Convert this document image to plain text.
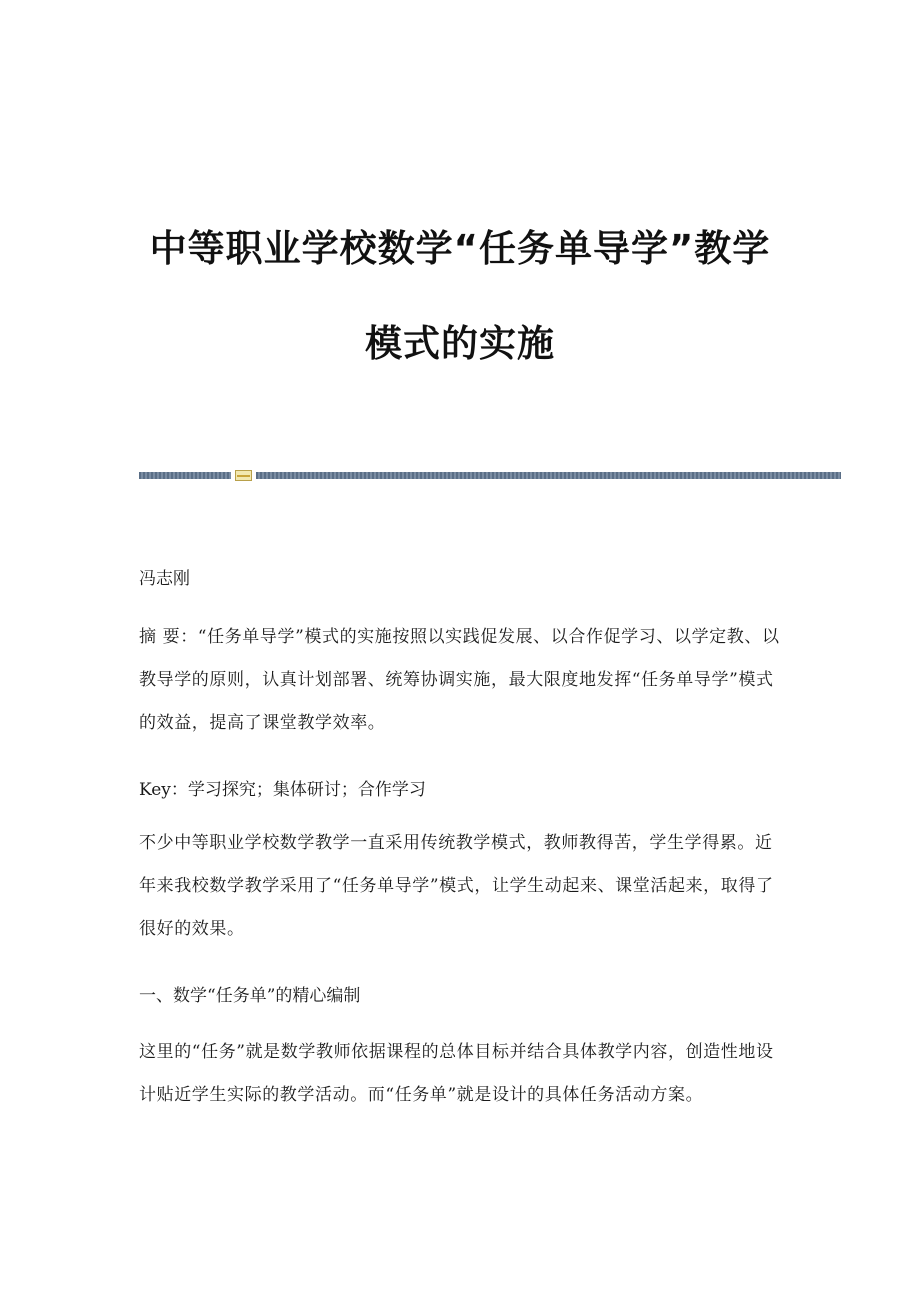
中等职业学校数学“任务单导学”教学
模式的实施

冯志刚

摘 要：“任务单导学”模式的实施按照以实践促发展、以合作促学习、以学定教、以教导学的原则，认真计划部署、统筹协调实施，最大限度地发挥“任务单导学”模式的效益，提高了课堂教学效率。

Key：学习探究；集体研讨；合作学习

不少中等职业学校数学教学一直采用传统教学模式，教师教得苦，学生学得累。近年来我校数学教学采用了“任务单导学”模式，让学生动起来、课堂活起来，取得了很好的效果。

一、数学“任务单”的精心编制

这里的“任务”就是数学教师依据课程的总体目标并结合具体教学内容，创造性地设计贴近学生实际的教学活动。而“任务单”就是设计的具体任务活动方案。
